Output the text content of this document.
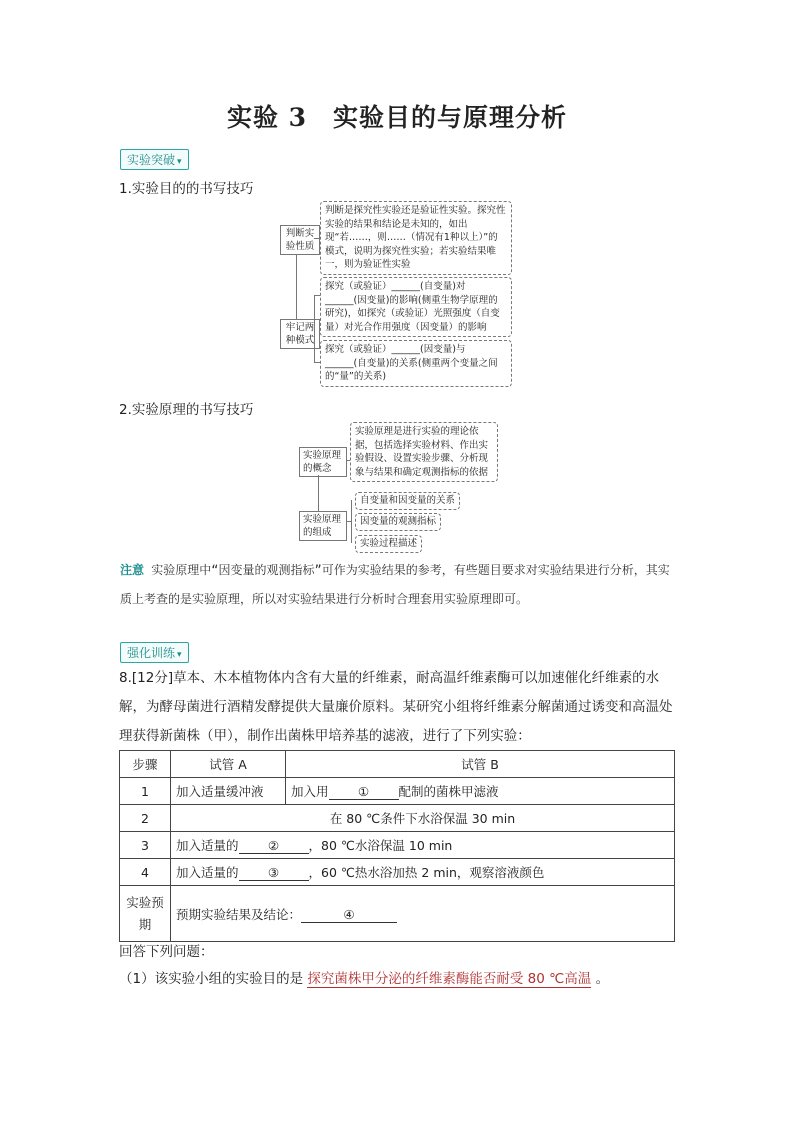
实验 3　实验目的与原理分析
实验突破 ▾
1.实验目的的书写技巧
判断实验性质
牢记两种模式
判断是探究性实验还是验证性实验。探究性实验的结果和结论是未知的，如出现“若……，则……（情况有1种以上）”的模式，说明为探究性实验；若实验结果唯一，则为验证性实验
探究（或验证）______(自变量)对______(因变量)的影响(侧重生物学原理的研究)，如探究（或验证）光照强度（自变量）对光合作用强度（因变量）的影响
探究（或验证）______(因变量)与______(自变量)的关系(侧重两个变量之间的“量”的关系)
2.实验原理的书写技巧
实验原理的概念
实验原理的组成
实验原理是进行实验的理论依据，包括选择实验材料、作出实验假设、设置实验步骤、分析现象与结果和确定观测指标的依据
自变量和因变量的关系
因变量的观测指标
实验过程描述
注意 实验原理中“因变量的观测指标”可作为实验结果的参考，有些题目要求对实验结果进行分析，其实质上考查的是实验原理，所以对实验结果进行分析时合理套用实验原理即可。
强化训练 ▾
8.[12分]草本、木本植物体内含有大量的纤维素，耐高温纤维素酶可以加速催化纤维素的水解，为酵母菌进行酒精发酵提供大量廉价原料。某研究小组将纤维素分解菌通过诱变和高温处理获得新菌株（甲），制作出菌株甲培养基的滤液，进行了下列实验：
步骤	试管 A	试管 B
1	加入适量缓冲液	加入用 ① 配制的菌株甲滤液
2	在 80 ℃条件下水浴保温 30 min	
3	加入适量的 ② ，80 ℃水浴保温 10 min	
4	加入适量的 ③ ，60 ℃热水浴加热 2 min，观察溶液颜色	
实验预期	预期实验结果及结论： ④	
回答下列问题：
（1）该实验小组的实验目的是 探究菌株甲分泌的纤维素酶能否耐受 80 ℃高温 。
